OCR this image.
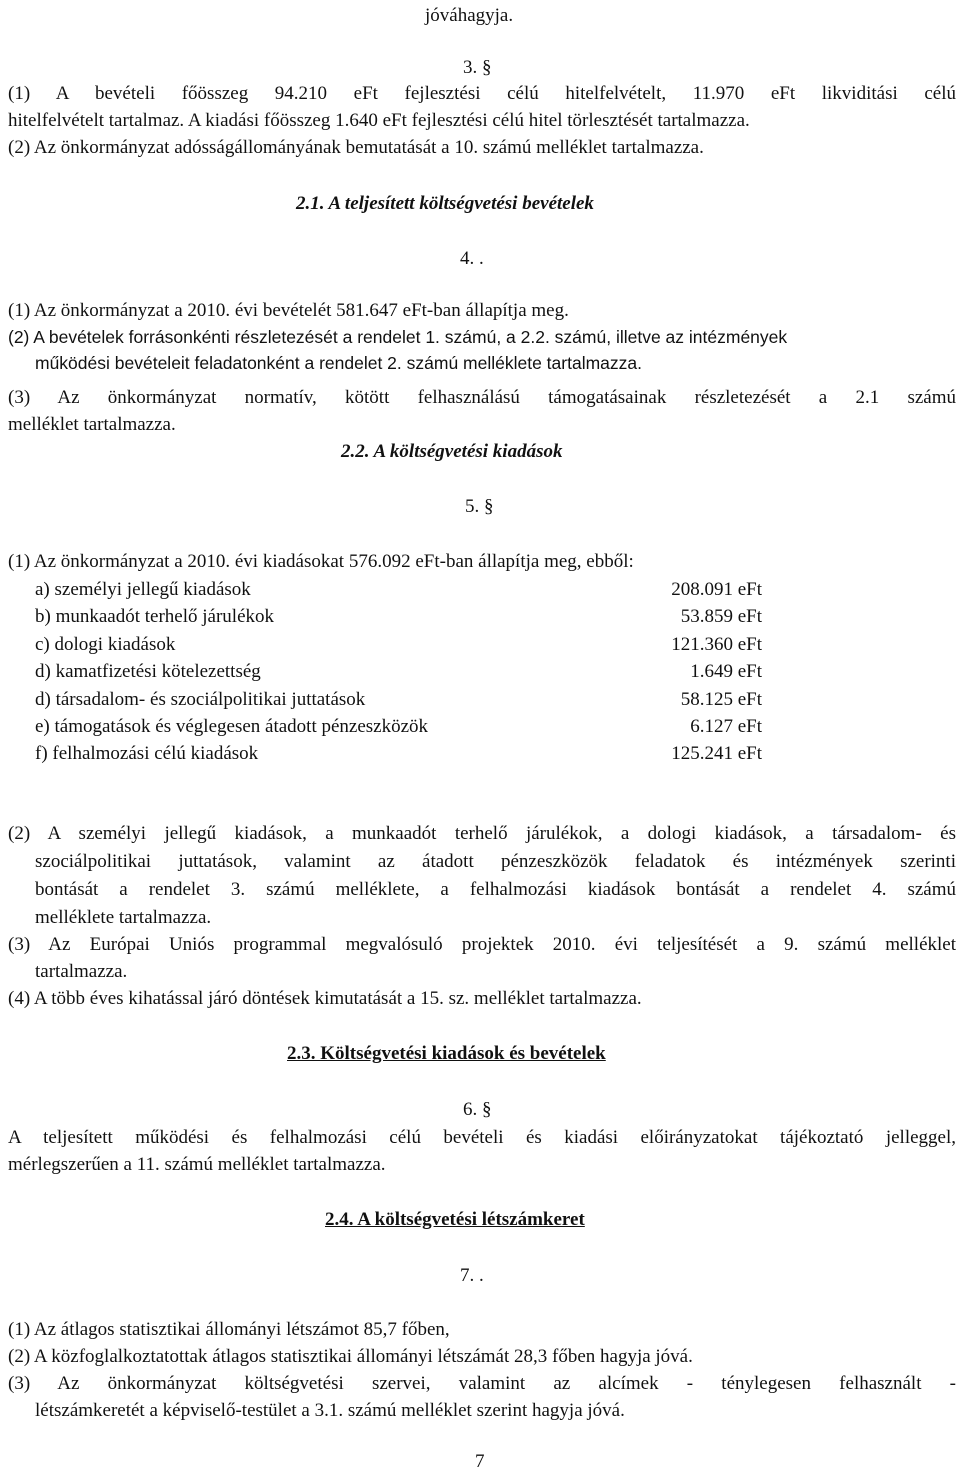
jóváhagyja.
3. §
(1) A bevételi főösszeg 94.210 eFt fejlesztési célú hitelfelvételt, 11.970 eFt likviditási célú
hitelfelvételt tartalmaz. A kiadási főösszeg 1.640 eFt fejlesztési célú hitel törlesztését tartalmazza.
(2) Az önkormányzat adósságállományának bemutatását a 10. számú melléklet tartalmazza.
2.1. A teljesített költségvetési bevételek
4. .
(1) Az önkormányzat a 2010. évi bevételét 581.647 eFt-ban állapítja meg.
(2) A bevételek forrásonkénti részletezését a rendelet 1. számú, a 2.2. számú, illetve az intézmények
működési bevételeit feladatonként a rendelet 2. számú melléklete tartalmazza.
(3) Az önkormányzat normatív, kötött felhasználású támogatásainak részletezését a 2.1 számú
melléklet tartalmazza.
2.2. A költségvetési kiadások
5. §
(1) Az önkormányzat a 2010. évi kiadásokat 576.092 eFt-ban állapítja meg, ebből:
a) személyi jellegű kiadások	208.091 eFt
b) munkaadót terhelő járulékok	53.859 eFt
c) dologi kiadások	121.360 eFt
d) kamatfizetési kötelezettség	1.649 eFt
d) társadalom- és szociálpolitikai juttatások	58.125 eFt
e) támogatások és véglegesen átadott pénzeszközök	6.127 eFt
f) felhalmozási célú kiadások	125.241 eFt
(2) A személyi jellegű kiadások, a munkaadót terhelő járulékok, a dologi kiadások, a társadalom- és
szociálpolitikai juttatások, valamint az átadott pénzeszközök feladatok és intézmények szerinti
bontását a rendelet 3. számú melléklete, a felhalmozási kiadások bontását a rendelet 4. számú
melléklete tartalmazza.
(3) Az Európai Uniós programmal megvalósuló projektek 2010. évi teljesítését a 9. számú melléklet
tartalmazza.
(4) A több éves kihatással járó döntések kimutatását a 15. sz. melléklet tartalmazza.
2.3. Költségvetési kiadások és bevételek
6. §
A teljesített működési és felhalmozási célú bevételi és kiadási előirányzatokat tájékoztató jelleggel,
mérlegszerűen a 11. számú melléklet tartalmazza.
2.4. A költségvetési létszámkeret
7. .
(1) Az átlagos statisztikai állományi létszámot 85,7 főben,
(2) A közfoglalkoztatottak átlagos statisztikai állományi létszámát 28,3 főben hagyja jóvá.
(3) Az önkormányzat költségvetési szervei, valamint az alcímek - ténylegesen felhasznált -
létszámkeretét a képviselő-testület a 3.1. számú melléklet szerint hagyja jóvá.
7
